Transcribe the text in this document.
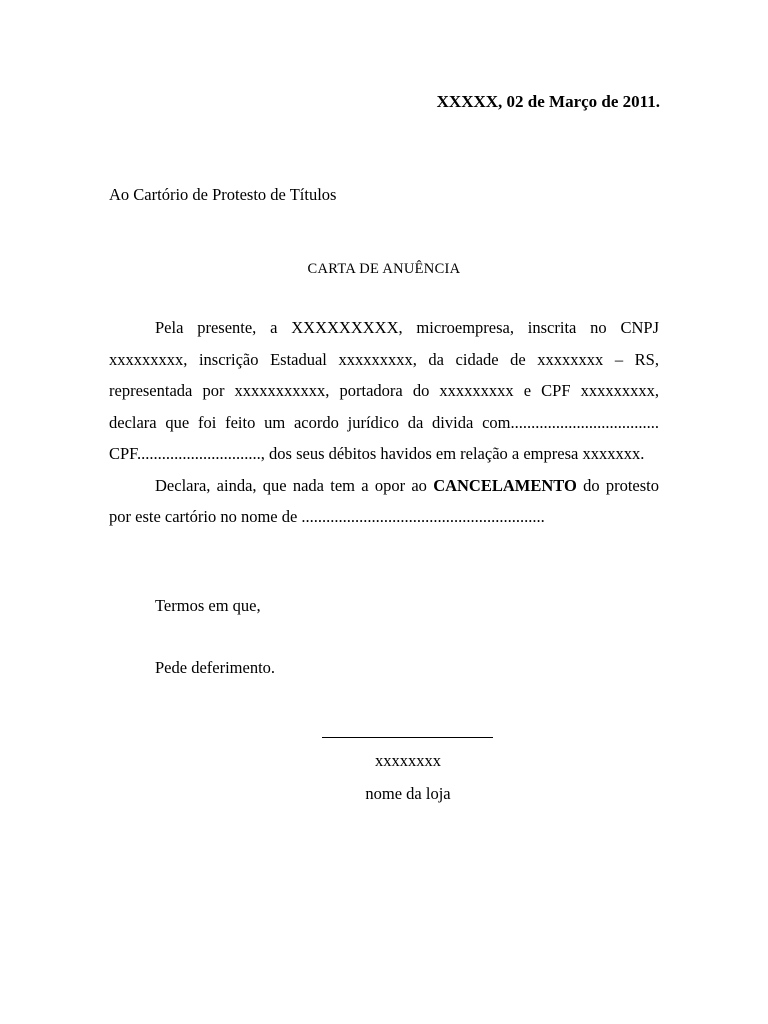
XXXXX, 02 de Março de 2011.
Ao Cartório de Protesto de Títulos
CARTA DE ANUÊNCIA

Pela presente, a XXXXXXXXX, microempresa, inscrita no CNPJ xxxxxxxxx, inscrição Estadual xxxxxxxxx, da cidade de xxxxxxxx – RS, representada por xxxxxxxxxxx, portadora do xxxxxxxxx e CPF xxxxxxxxx, declara que foi feito um acordo jurídico da divida com.................................... CPF.............................., dos seus débitos havidos em relação a empresa xxxxxxx.

Declara, ainda, que nada tem a opor ao CANCELAMENTO do protesto por este cartório no nome de ...........................................................

Termos em que,
Pede deferimento.
xxxxxxxx
nome da loja
